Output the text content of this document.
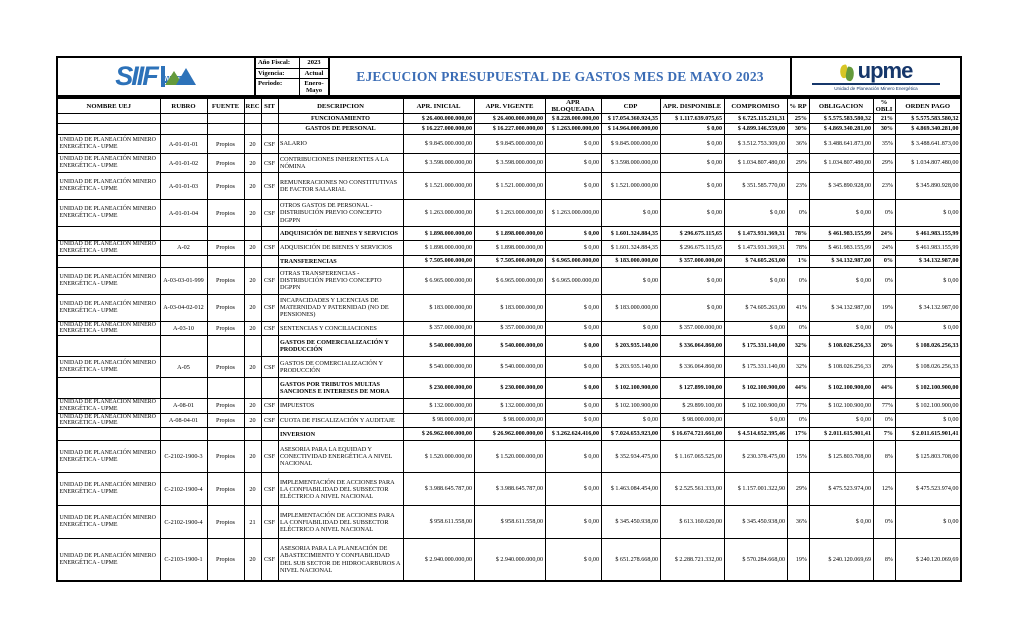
SIIF	Nación
Año Fiscal:	2023
Vigencia:	Actual
Periodo:	Enero-Mayo
EJECUCION PRESUPUESTAL DE GASTOS MES DE MAYO 2023	upme
Unidad de Planeación Minero Energética
NOMBRE UEJ	RUBRO	FUENTE	REC	SIT	DESCRIPCION	APR. INICIAL	APR. VIGENTE	APR BLOQUEADA	CDP	APR. DISPONIBLE	COMPROMISO	% RP	OBLIGACION	% OBLI	ORDEN PAGO
					FUNCIONAMIENTO	$ 26.400.000.000,00	$ 26.400.000.000,00	$ 8.228.000.000,00	$ 17.054.360.924,35	$ 1.117.639.075,65	$ 6.725.115.231,31	25%	$ 5.575.583.580,32	21%	$ 5.575.583.580,32
					GASTOS DE PERSONAL	$ 16.227.000.000,00	$ 16.227.000.000,00	$ 1.263.000.000,00	$ 14.964.000.000,00	$ 0,00	$ 4.899.146.559,00	30%	$ 4.869.340.281,00	30%	$ 4.869.340.281,00
UNIDAD DE PLANEACIÓN MINERO ENERGÉTICA - UPME	A-01-01-01	Propios	20	CSF	SALARIO	$ 9.845.000.000,00	$ 9.845.000.000,00	$ 0,00	$ 9.845.000.000,00	$ 0,00	$ 3.512.753.309,00	36%	$ 3.488.641.873,00	35%	$ 3.488.641.873,00
UNIDAD DE PLANEACIÓN MINERO ENERGÉTICA - UPME	A-01-01-02	Propios	20	CSF	CONTRIBUCIONES INHERENTES A LA NÓMINA	$ 3.598.000.000,00	$ 3.598.000.000,00	$ 0,00	$ 3.598.000.000,00	$ 0,00	$ 1.034.807.480,00	29%	$ 1.034.807.480,00	29%	$ 1.034.807.480,00
UNIDAD DE PLANEACIÓN MINERO ENERGÉTICA - UPME	A-01-01-03	Propios	20	CSF	REMUNERACIONES NO CONSTITUTIVAS DE FACTOR SALARIAL	$ 1.521.000.000,00	$ 1.521.000.000,00	$ 0,00	$ 1.521.000.000,00	$ 0,00	$ 351.585.770,00	23%	$ 345.890.928,00	23%	$ 345.890.928,00
UNIDAD DE PLANEACIÓN MINERO ENERGÉTICA - UPME	A-01-01-04	Propios	20	CSF	OTROS GASTOS DE PERSONAL - DISTRIBUCIÓN PREVIO CONCEPTO DGPPN	$ 1.263.000.000,00	$ 1.263.000.000,00	$ 1.263.000.000,00	$ 0,00	$ 0,00	$ 0,00	0%	$ 0,00	0%	$ 0,00
					ADQUISICIÓN DE BIENES Y SERVICIOS	$ 1.898.000.000,00	$ 1.898.000.000,00	$ 0,00	$ 1.601.324.884,35	$ 296.675.115,65	$ 1.473.931.369,31	78%	$ 461.983.155,99	24%	$ 461.983.155,99
UNIDAD DE PLANEACIÓN MINERO ENERGÉTICA - UPME	A-02	Propios	20	CSF	ADQUISICIÓN DE BIENES Y SERVICIOS	$ 1.898.000.000,00	$ 1.898.000.000,00	$ 0,00	$ 1.601.324.884,35	$ 296.675.115,65	$ 1.473.931.369,31	78%	$ 461.983.155,99	24%	$ 461.983.155,99
					TRANSFERENCIAS	$ 7.505.000.000,00	$ 7.505.000.000,00	$ 6.965.000.000,00	$ 183.000.000,00	$ 357.000.000,00	$ 74.605.263,00	1%	$ 34.132.987,00	0%	$ 34.132.987,00
UNIDAD DE PLANEACIÓN MINERO ENERGÉTICA - UPME	A-03-03-01-999	Propios	20	CSF	OTRAS TRANSFERENCIAS - DISTRIBUCIÓN PREVIO CONCEPTO DGPPN	$ 6.965.000.000,00	$ 6.965.000.000,00	$ 6.965.000.000,00	$ 0,00	$ 0,00	$ 0,00	0%	$ 0,00	0%	$ 0,00
UNIDAD DE PLANEACIÓN MINERO ENERGÉTICA - UPME	A-03-04-02-012	Propios	20	CSF	INCAPACIDADES Y LICENCIAS DE MATERNIDAD Y PATERNIDAD (NO DE PENSIONES)	$ 183.000.000,00	$ 183.000.000,00	$ 0,00	$ 183.000.000,00	$ 0,00	$ 74.605.263,00	41%	$ 34.132.987,00	19%	$ 34.132.987,00
UNIDAD DE PLANEACIÓN MINERO ENERGÉTICA - UPME	A-03-10	Propios	20	CSF	SENTENCIAS Y CONCILIACIONES	$ 357.000.000,00	$ 357.000.000,00	$ 0,00	$ 0,00	$ 357.000.000,00	$ 0,00	0%	$ 0,00	0%	$ 0,00
					GASTOS DE COMERCIALIZACIÓN Y PRODUCCIÓN	$ 540.000.000,00	$ 540.000.000,00	$ 0,00	$ 203.935.140,00	$ 336.064.860,00	$ 175.331.140,00	32%	$ 108.026.256,33	20%	$ 108.026.256,33
UNIDAD DE PLANEACIÓN MINERO ENERGÉTICA - UPME	A-05	Propios	20	CSF	GASTOS DE COMERCIALIZACIÓN Y PRODUCCIÓN	$ 540.000.000,00	$ 540.000.000,00	$ 0,00	$ 203.935.140,00	$ 336.064.860,00	$ 175.331.140,00	32%	$ 108.026.256,33	20%	$ 108.026.256,33
					GASTOS POR TRIBUTOS MULTAS SANCIONES E INTERESES DE MORA	$ 230.000.000,00	$ 230.000.000,00	$ 0,00	$ 102.100.900,00	$ 127.899.100,00	$ 102.100.900,00	44%	$ 102.100.900,00	44%	$ 102.100.900,00
UNIDAD DE PLANEACIÓN MINERO ENERGÉTICA - UPME	A-08-01	Propios	20	CSF	IMPUESTOS	$ 132.000.000,00	$ 132.000.000,00	$ 0,00	$ 102.100.900,00	$ 29.899.100,00	$ 102.100.900,00	77%	$ 102.100.900,00	77%	$ 102.100.900,00
UNIDAD DE PLANEACIÓN MINERO ENERGÉTICA - UPME	A-08-04-01	Propios	20	CSF	CUOTA DE FISCALIZACIÓN Y AUDITAJE	$ 98.000.000,00	$ 98.000.000,00	$ 0,00	$ 0,00	$ 98.000.000,00	$ 0,00	0%	$ 0,00	0%	$ 0,00
					INVERSION	$ 26.962.000.000,00	$ 26.962.000.000,00	$ 3.262.624.416,00	$ 7.024.653.923,00	$ 16.674.721.661,00	$ 4.514.652.395,46	17%	$ 2.011.615.901,41	7%	$ 2.011.615.901,41
UNIDAD DE PLANEACIÓN MINERO ENERGÉTICA - UPME	C-2102-1900-3	Propios	20	CSF	ASESORIA PARA LA EQUIDAD Y CONECTIVIDAD ENERGÉTICA A NIVEL NACIONAL	$ 1.520.000.000,00	$ 1.520.000.000,00	$ 0,00	$ 352.934.475,00	$ 1.167.065.525,00	$ 230.378.475,00	15%	$ 125.803.708,00	8%	$ 125.803.708,00
UNIDAD DE PLANEACIÓN MINERO ENERGÉTICA - UPME	C-2102-1900-4	Propios	20	CSF	IMPLEMENTACIÓN DE ACCIONES PARA LA CONFIABILIDAD DEL SUBSECTOR ELÉCTRICO A NIVEL NACIONAL	$ 3.988.645.787,00	$ 3.988.645.787,00	$ 0,00	$ 1.463.084.454,00	$ 2.525.561.333,00	$ 1.157.001.322,90	29%	$ 475.523.974,00	12%	$ 475.523.974,00
UNIDAD DE PLANEACIÓN MINERO ENERGÉTICA - UPME	C-2102-1900-4	Propios	21	CSF	IMPLEMENTACIÓN DE ACCIONES PARA LA CONFIABILIDAD DEL SUBSECTOR ELÉCTRICO A NIVEL NACIONAL	$ 958.611.558,00	$ 958.611.558,00	$ 0,00	$ 345.450.938,00	$ 613.160.620,00	$ 345.450.938,00	36%	$ 0,00	0%	$ 0,00
UNIDAD DE PLANEACIÓN MINERO ENERGÉTICA - UPME	C-2103-1900-1	Propios	20	CSF	ASESORIA PARA LA PLANEACIÓN DE ABASTECIMIENTO Y CONFIABILIDAD DEL SUB SECTOR DE HIDROCARBUROS A NIVEL NACIONAL	$ 2.940.000.000,00	$ 2.940.000.000,00	$ 0,00	$ 651.278.668,00	$ 2.288.721.332,00	$ 570.284.668,00	19%	$ 240.120.069,69	8%	$ 240.120.069,69
